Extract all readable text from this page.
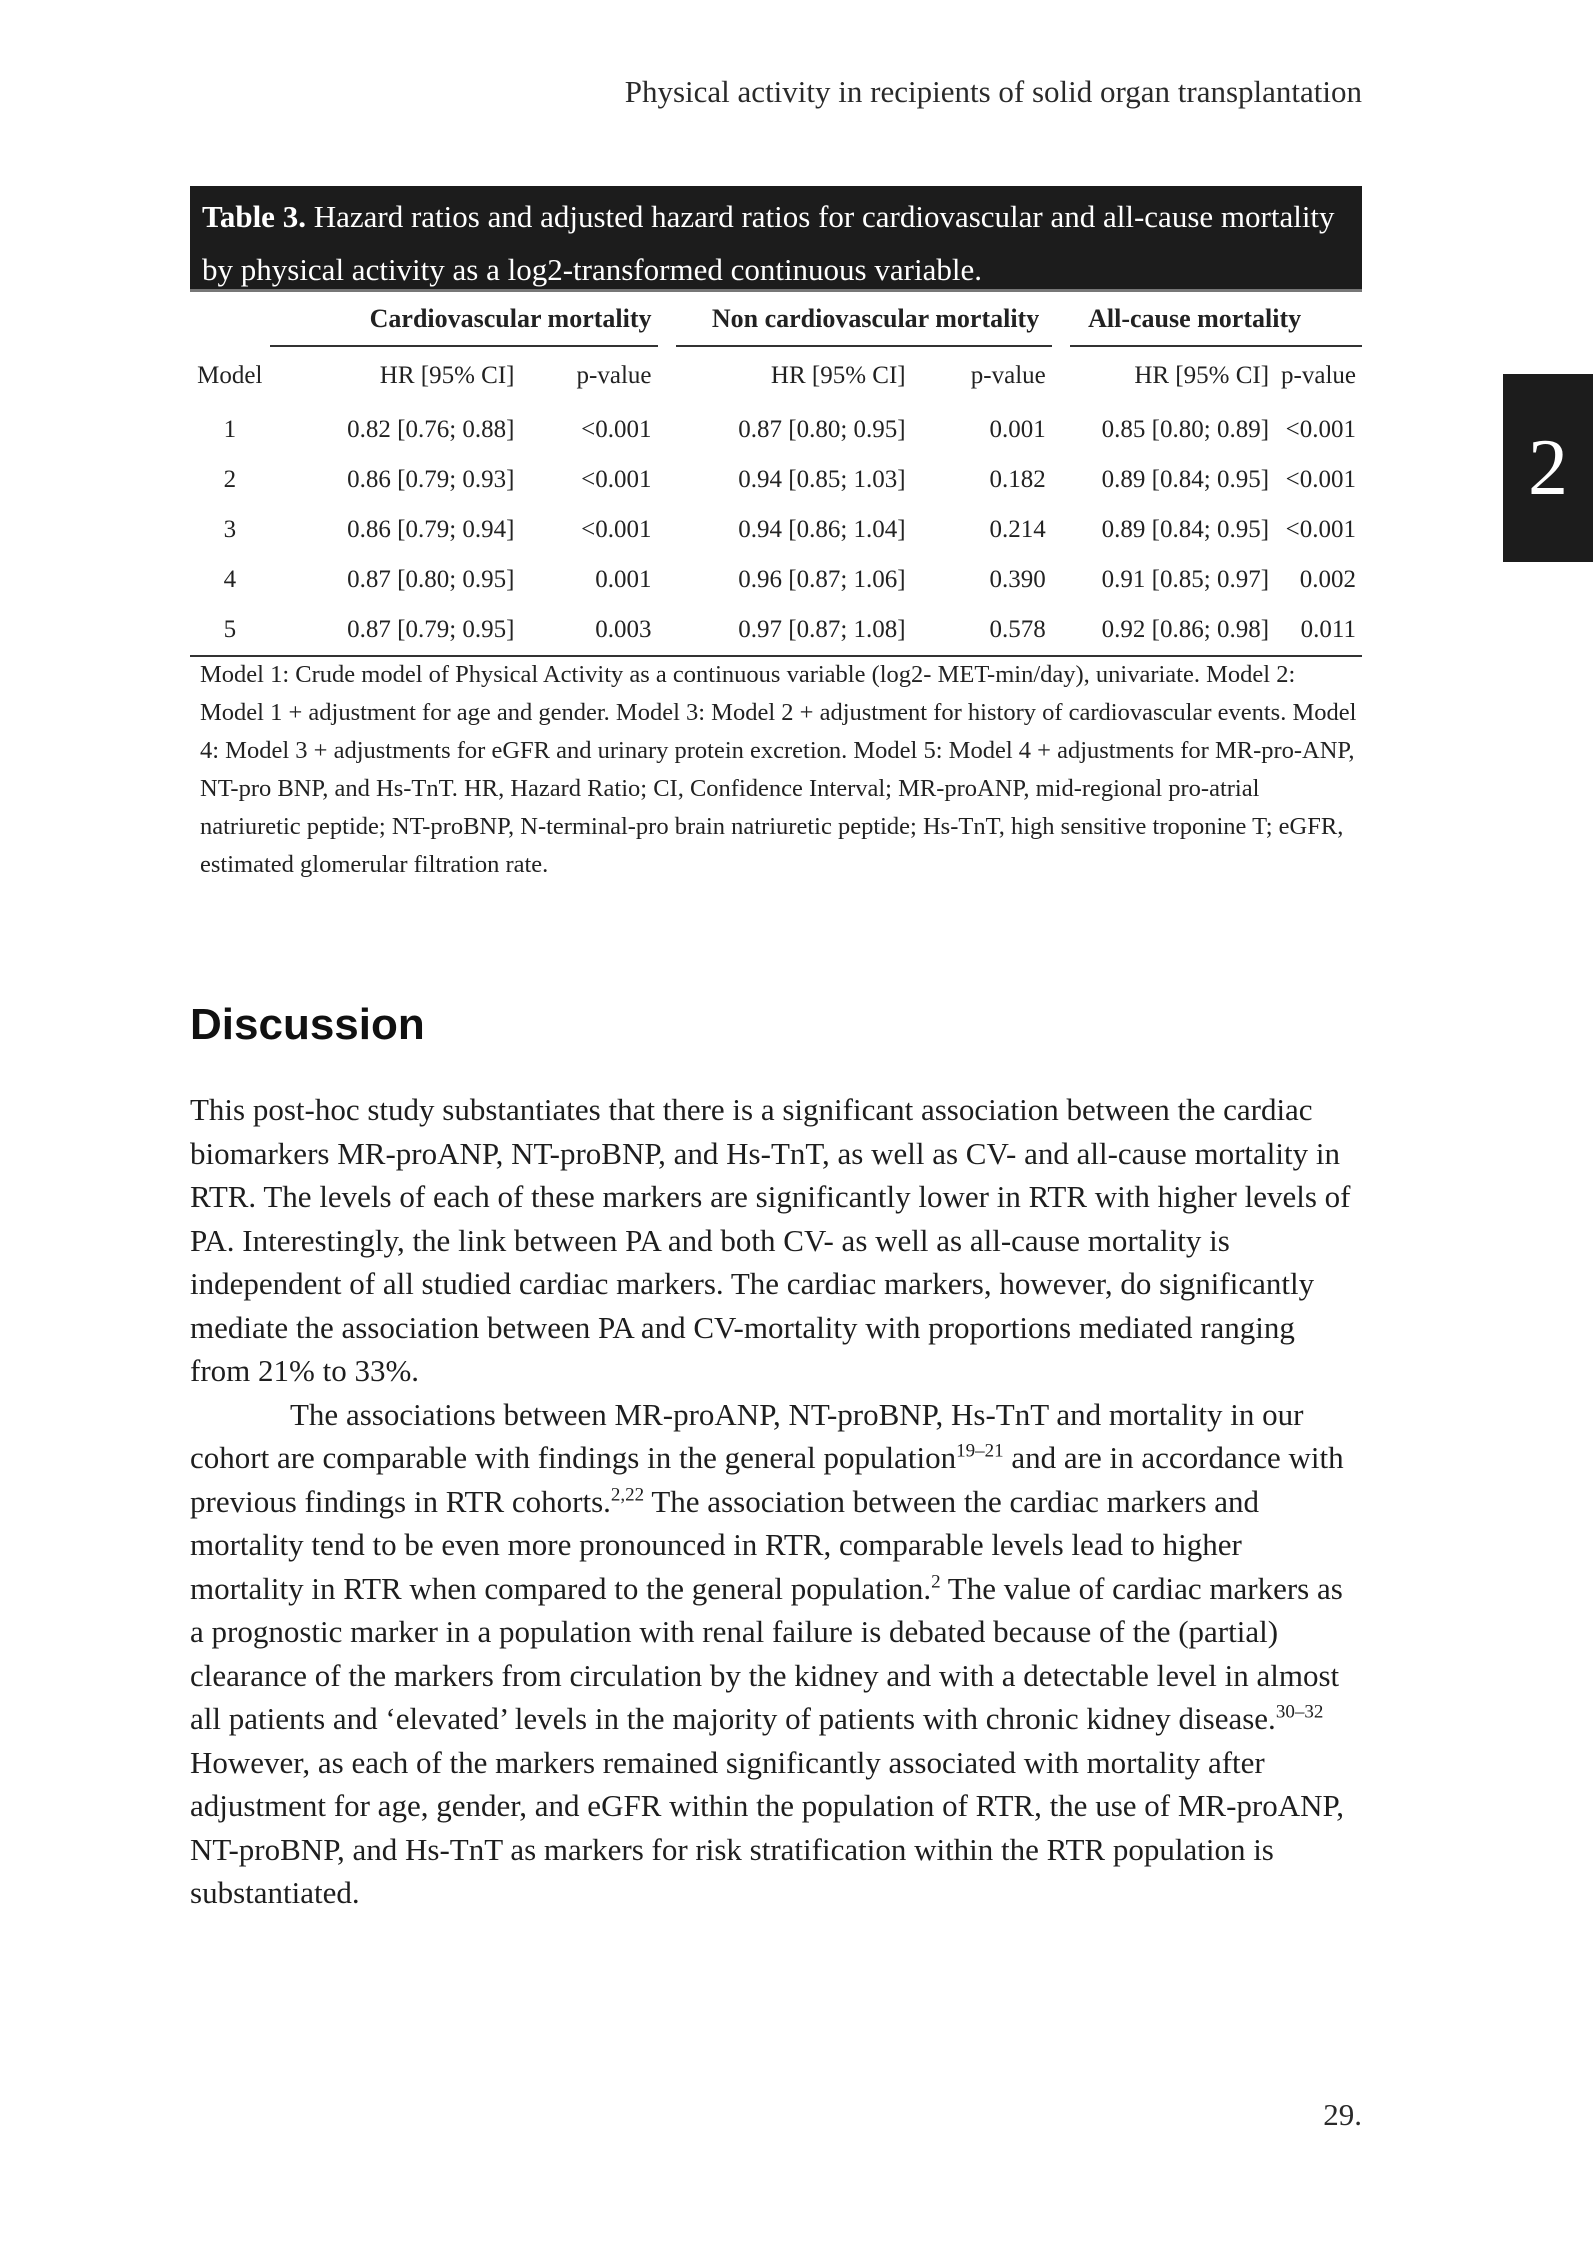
Physical activity in recipients of solid organ transplantation
2
Table 3. Hazard ratios and adjusted hazard ratios for cardiovascular and all-cause mortality by physical activity as a log2-transformed continuous variable.
	Cardiovascular mortality			Non cardiovascular mortality			All-cause mortality	
Model	HR [95% CI]	p-value		HR [95% CI]	p-value		HR [95% CI]	p-value
1	0.82 [0.76; 0.88]	<0.001		0.87 [0.80; 0.95]	0.001		0.85 [0.80; 0.89]	<0.001
2	0.86 [0.79; 0.93]	<0.001		0.94 [0.85; 1.03]	0.182		0.89 [0.84; 0.95]	<0.001
3	0.86 [0.79; 0.94]	<0.001		0.94 [0.86; 1.04]	0.214		0.89 [0.84; 0.95]	<0.001
4	0.87 [0.80; 0.95]	0.001		0.96 [0.87; 1.06]	0.390		0.91 [0.85; 0.97]	0.002
5	0.87 [0.79; 0.95]	0.003		0.97 [0.87; 1.08]	0.578		0.92 [0.86; 0.98]	0.011
Model 1: Crude model of Physical Activity as a continuous variable (log2- MET-min/day), univariate. Model 2: Model 1 + adjustment for age and gender. Model 3: Model 2 + adjustment for history of cardiovascular events. Model 4: Model 3 + adjustments for eGFR and urinary protein excretion. Model 5: Model 4 + adjustments for MR-pro-ANP, NT-pro BNP, and Hs-TnT. HR, Hazard Ratio; CI, Confidence Interval; MR-proANP, mid-regional pro-atrial natriuretic peptide; NT-proBNP, N-terminal-pro brain natriuretic peptide; Hs-TnT, high sensitive troponine T; eGFR, estimated glomerular filtration rate.
Discussion

This post-hoc study substantiates that there is a significant association between the cardiac biomarkers MR-proANP, NT-proBNP, and Hs-TnT, as well as CV- and all-cause mortality in RTR. The levels of each of these markers are significantly lower in RTR with higher levels of PA. Interestingly, the link between PA and both CV- as well as all-cause mortality is independent of all studied cardiac markers. The cardiac markers, however, do significantly mediate the association between PA and CV-mortality with proportions mediated ranging from 21% to 33%.

The associations between MR-proANP, NT-proBNP, Hs-TnT and mortality in our cohort are comparable with findings in the general population$^{19-21}$ and are in accordance with previous findings in RTR cohorts.$^{2,22}$ The association between the cardiac markers and mortality tend to be even more pronounced in RTR, comparable levels lead to higher mortality in RTR when compared to the general population.$^2$ The value of cardiac markers as a prognostic marker in a population with renal failure is debated because of the (partial) clearance of the markers from circulation by the kidney and with a detectable level in almost all patients and ‘elevated’ levels in the majority of patients with chronic kidney disease.$^{30-32}$ However, as each of the markers remained significantly associated with mortality after adjustment for age, gender, and eGFR within the population of RTR, the use of MR-proANP, NT-proBNP, and Hs-TnT as markers for risk stratification within the RTR population is substantiated.

29.
